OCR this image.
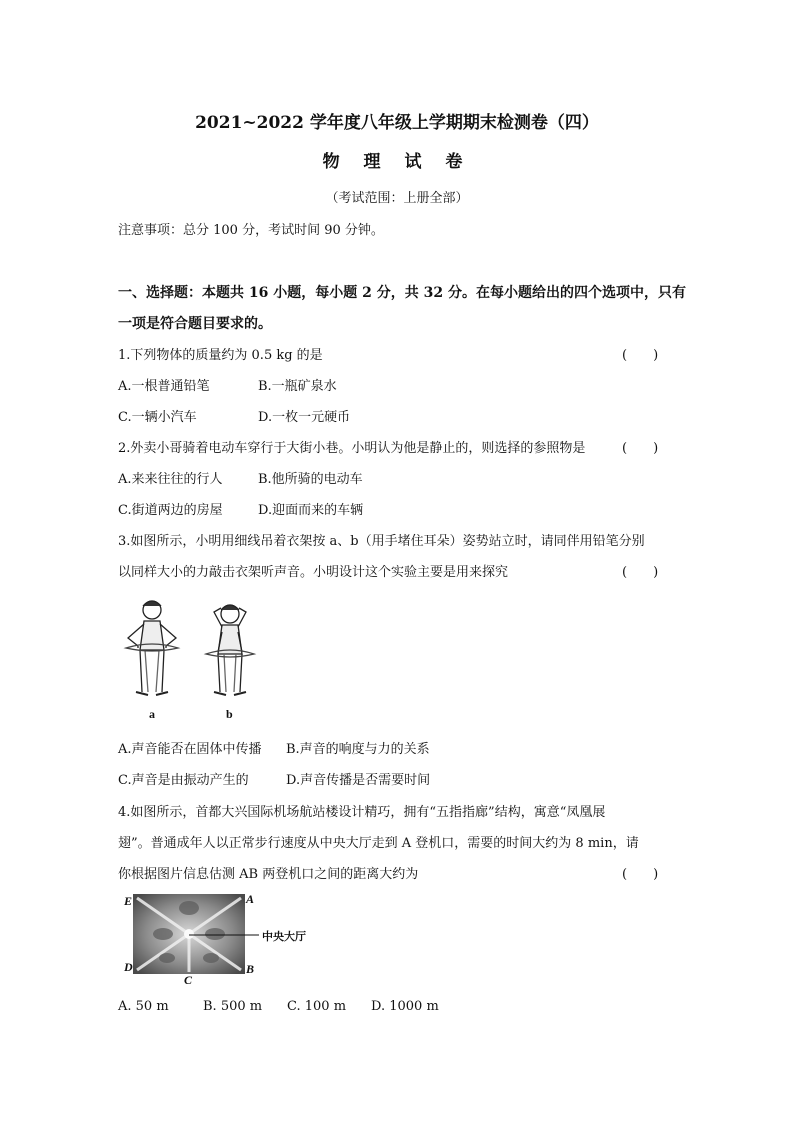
2021~2022 学年度八年级上学期期末检测卷（四）
物 理 试 卷
（考试范围：上册全部）
注意事项：总分 100 分，考试时间 90 分钟。
一、选择题：本题共 16 小题，每小题 2 分，共 32 分。在每小题给出的四个选项中，只有
一项是符合题目要求的。
1.下列物体的质量约为 0.5 kg 的是	(　　)
A.一根普通铅笔	B.一瓶矿泉水
C.一辆小汽车	D.一枚一元硬币
2.外卖小哥骑着电动车穿行于大街小巷。小明认为他是静止的，则选择的参照物是	(　　)
A.来来往往的行人	B.他所骑的电动车
C.街道两边的房屋	D.迎面而来的车辆
3.如图所示，小明用细线吊着衣架按 a、b（用手堵住耳朵）姿势站立时，请同伴用铅笔分别
以同样大小的力敲击衣架听声音。小明设计这个实验主要是用来探究	(　　)
a	b
A.声音能否在固体中传播 B.声音的响度与力的关系
C.声音是由振动产生的	D.声音传播是否需要时间
4.如图所示，首都大兴国际机场航站楼设计精巧，拥有“五指指廊”结构，寓意“凤凰展
翅”。普通成年人以正常步行速度从中央大厅走到 A 登机口，需要的时间大约为 8 min，请
你根据图片信息估测 AB 两登机口之间的距离大约为	(　　)
E	A
D	B
C
中央大厅
A. 50 m	B. 500 m C. 100 m D. 1000 m
